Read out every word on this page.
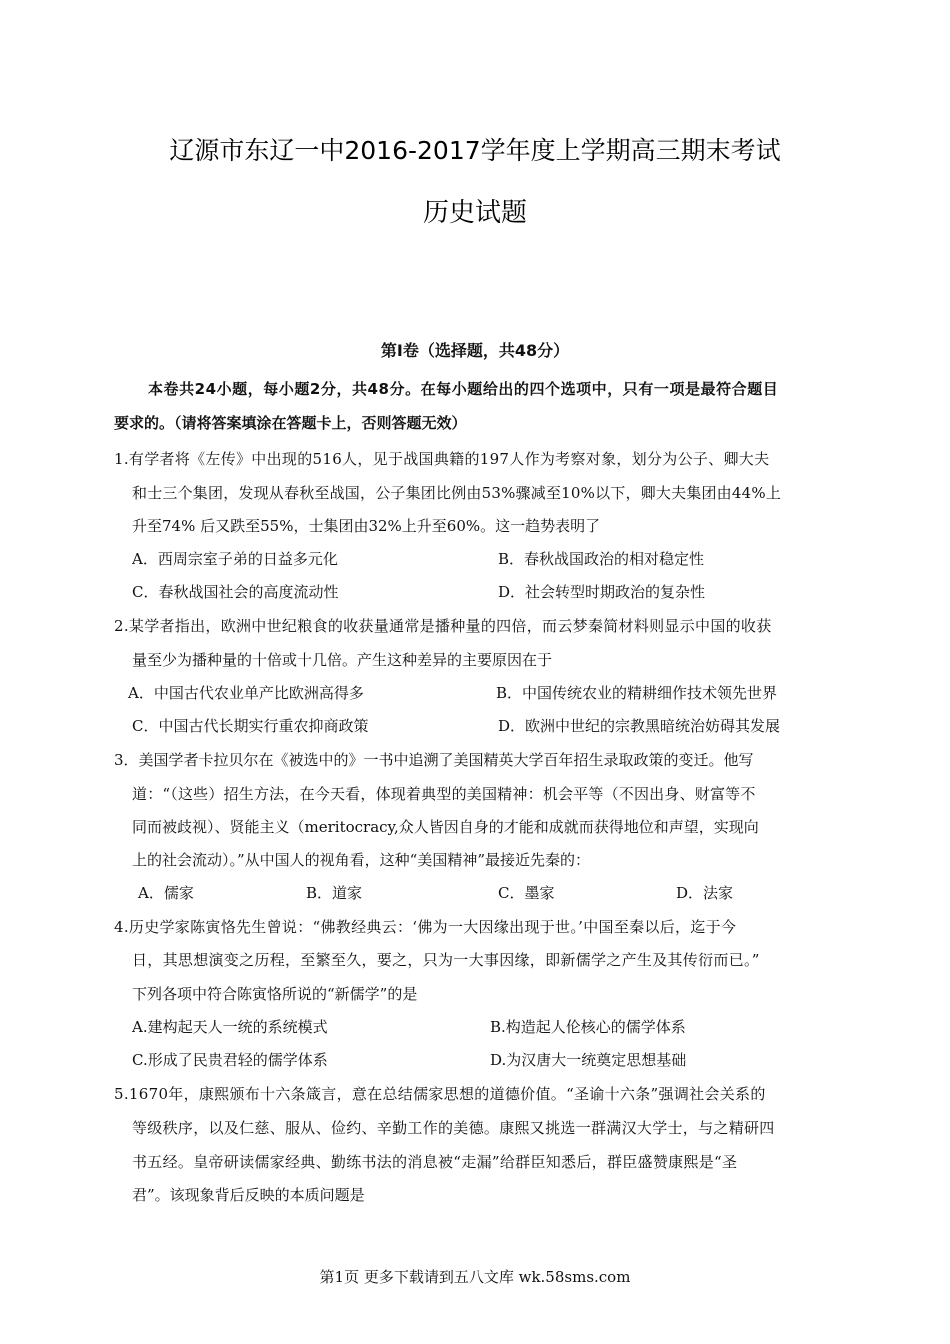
辽源市东辽一中2016-2017学年度上学期高三期末考试
历史试题
第Ⅰ卷（选择题，共48分）
本卷共24小题，每小题2分，共48分。在每小题给出的四个选项中，只有一项是最符合题目
要求的。（请将答案填涂在答题卡上，否则答题无效）
1.有学者将《左传》中出现的516人，见于战国典籍的197人作为考察对象，划分为公子、卿大夫
和士三个集团，发现从春秋至战国，公子集团比例由53%骤减至10%以下，卿大夫集团由44%上
升至74% 后又跌至55%，士集团由32%上升至60%。这一趋势表明了
A．西周宗室子弟的日益多元化	B．春秋战国政治的相对稳定性
C．春秋战国社会的高度流动性	D．社会转型时期政治的复杂性
2.某学者指出，欧洲中世纪粮食的收获量通常是播种量的四倍，而云梦秦简材料则显示中国的收获
量至少为播种量的十倍或十几倍。产生这种差异的主要原因在于
A．中国古代农业单产比欧洲高得多	B．中国传统农业的精耕细作技术领先世界
C．中国古代长期实行重农抑商政策	D．欧洲中世纪的宗教黑暗统治妨碍其发展
3．美国学者卡拉贝尔在《被选中的》一书中追溯了美国精英大学百年招生录取政策的变迁。他写
道：“（这些）招生方法，在今天看，体现着典型的美国精神：机会平等（不因出身、财富等不
同而被歧视）、贤能主义（meritocracy,众人皆因自身的才能和成就而获得地位和声望，实现向
上的社会流动）。”从中国人的视角看，这种“美国精神”最接近先秦的：
A．儒家	B．道家	C．墨家	D．法家
4.历史学家陈寅恪先生曾说：“佛教经典云：‘佛为一大因缘出现于世。’中国至秦以后，迄于今
日，其思想演变之历程，至繁至久，要之，只为一大事因缘，即新儒学之产生及其传衍而已。”
下列各项中符合陈寅恪所说的“新儒学”的是
A.建构起天人一统的系统模式	B.构造起人伦核心的儒学体系
C.形成了民贵君轻的儒学体系	D.为汉唐大一统奠定思想基础
5.1670年，康熙颁布十六条箴言，意在总结儒家思想的道德价值。“圣谕十六条”强调社会关系的
等级秩序，以及仁慈、服从、俭约、辛勤工作的美德。康熙又挑选一群满汉大学士，与之精研四
书五经。皇帝研读儒家经典、勤练书法的消息被“走漏”给群臣知悉后，群臣盛赞康熙是“圣
君”。该现象背后反映的本质问题是
第1页 更多下载请到五八文库 wk.58sms.com
